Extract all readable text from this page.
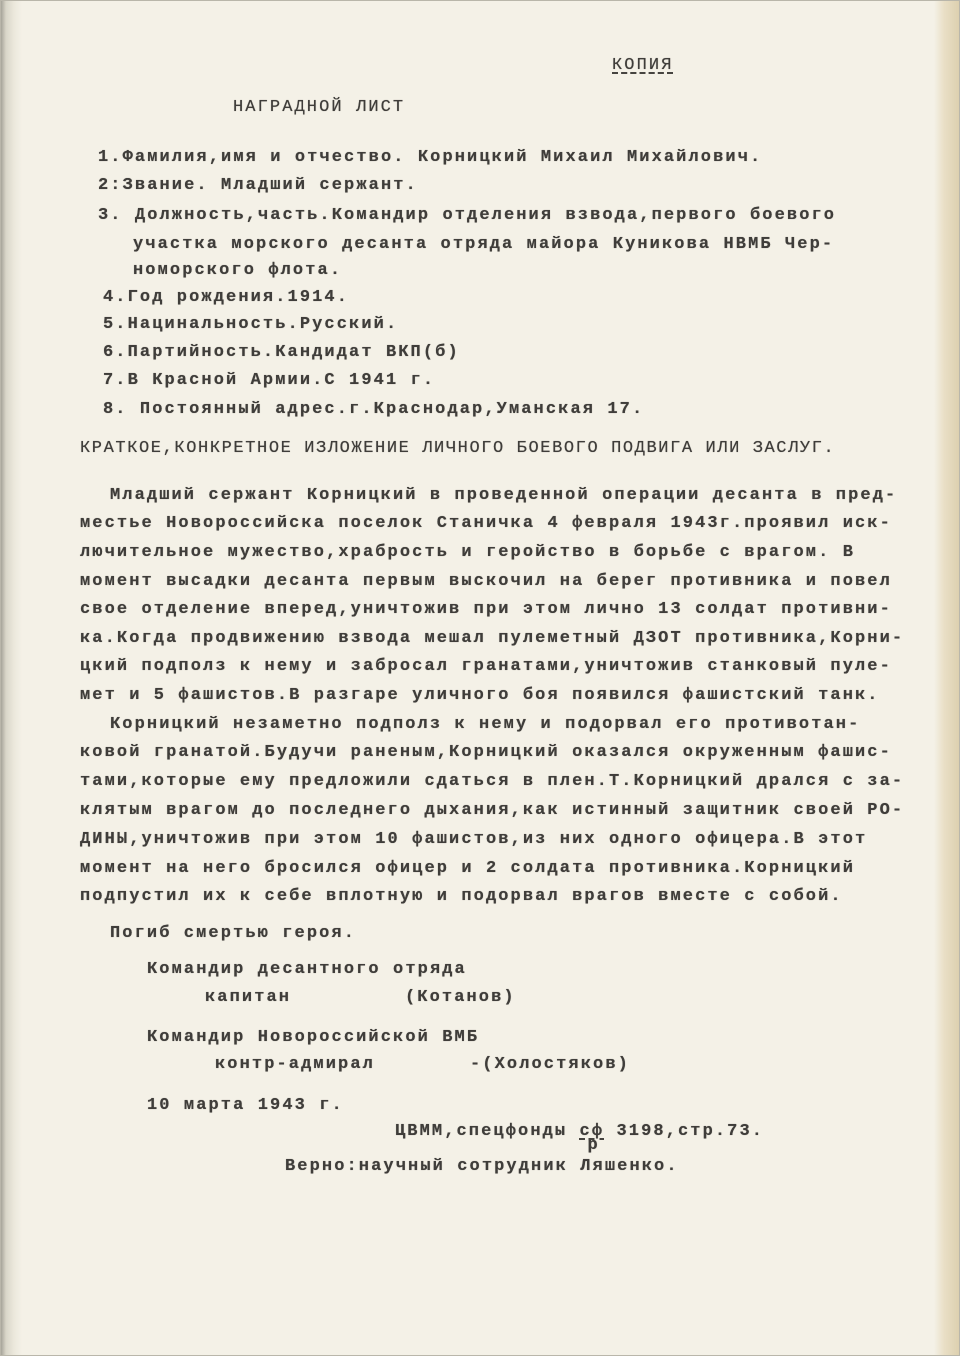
КОПИЯ
НАГРАДНОЙ ЛИСТ
1.Фамилия,имя и отчество. Корницкий Михаил Михайлович.
2:Звание. Младший сержант.
3. Должность,часть.Командир отделения взвода,первого боевого
участка морского десанта отряда майора Куникова НВМБ Чер-
номорского флота.
4.Год рождения.1914.
5.Нацинальность.Русский.
6.Партийность.Кандидат ВКП(б)
7.В Красной Армии.С 1941 г.
8. Постоянный адрес.г.Краснодар,Уманская 17.
КРАТКОЕ,КОНКРЕТНОЕ ИЗЛОЖЕНИЕ ЛИЧНОГО БОЕВОГО ПОДВИГА ИЛИ ЗАСЛУГ.
Младший сержант Корницкий в проведенной операции десанта в пред-
местье Новороссийска поселок Станичка 4 февраля 1943г.проявил иск-
лючительное мужество,храбрость и геройство в борьбе с врагом. В
момент высадки десанта первым выскочил на берег противника и повел
свое отделение вперед,уничтожив при этом лично 13 солдат противни-
ка.Когда продвижению взвода мешал пулеметный ДЗОТ противника,Корни-
цкий подполз к нему и забросал гранатами,уничтожив станковый пуле-
мет и 5 фашистов.В разгаре уличного боя появился фашистский танк.
Корницкий незаметно подполз к нему и подорвал его противотан-
ковой гранатой.Будучи раненым,Корницкий оказался окруженным фашис-
тами,которые ему предложили сдаться в плен.Т.Корницкий дрался с за-
клятым врагом до последнего дыхания,как истинный защитник своей РО-
ДИНЫ,уничтожив при этом 10 фашистов,из них одного офицера.В этот
момент на него бросился офицер и 2 солдата противника.Корницкий
подпустил их к себе вплотную и подорвал врагов вместе с собой.
Погиб смертью героя.
Командир десантного отряда
капитан	(Котанов)
Командир Новороссийской ВМБ
контр-адмирал	-(Холостяков)
10 марта 1943 г.
ЦВММ,спецфонды сф
р
3198,стр.73.
Верно:научный сотрудник Ляшенко.
